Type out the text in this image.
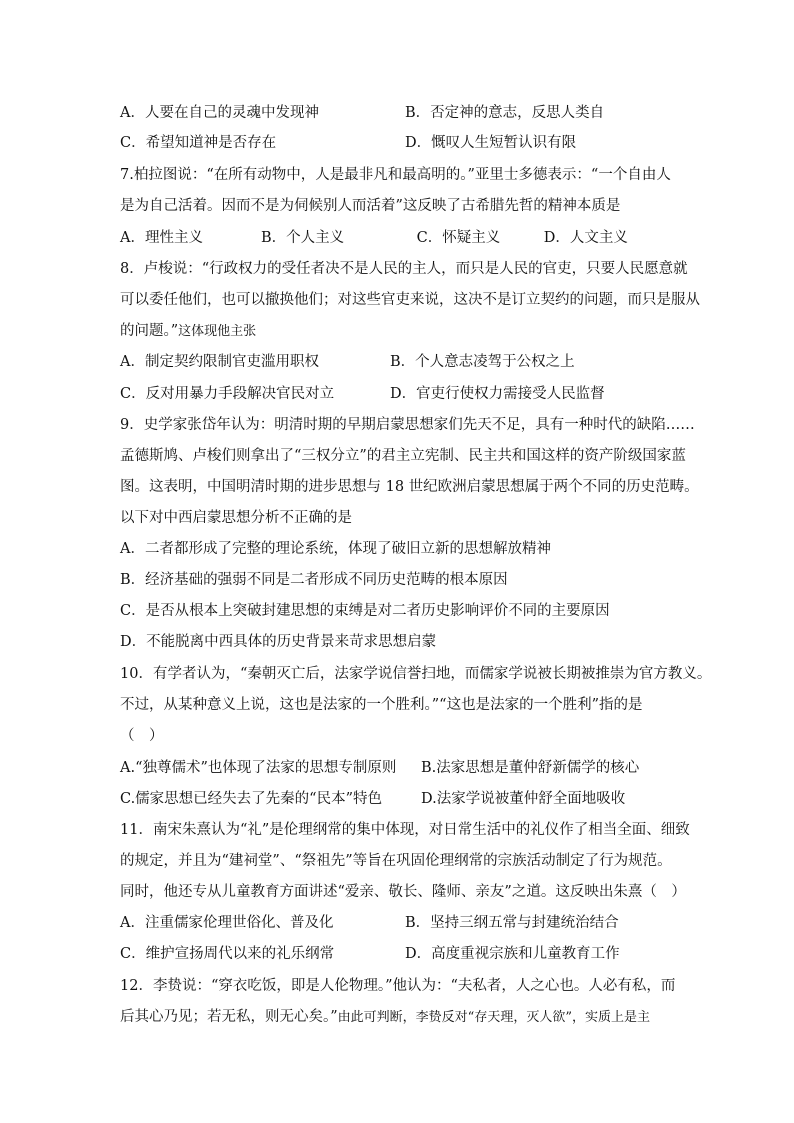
A．人要在自己的灵魂中发现神	B．否定神的意志，反思人类自
C．希望知道神是否存在	D．慨叹人生短暂认识有限
7.柏拉图说：“在所有动物中，人是最非凡和最高明的。”亚里士多德表示：“一个自由人
是为自己活着。因而不是为伺候别人而活着”这反映了古希腊先哲的精神本质是
A．理性主义　　　　B．个人主义　　　　　C．怀疑主义　　　D．人文主义
8．卢梭说：“行政权力的受任者决不是人民的主人，而只是人民的官吏，只要人民愿意就
可以委任他们，也可以撤换他们；对这些官吏来说，这决不是订立契约的问题，而只是服从
的问题。”这体现他主张
A．制定契约限制官吏滥用职权	B．个人意志凌驾于公权之上
C．反对用暴力手段解决官民对立	D．官吏行使权力需接受人民监督
9．史学家张岱年认为：明清时期的早期启蒙思想家们先天不足，具有一种时代的缺陷……
孟德斯鸠、卢梭们则拿出了“三权分立”的君主立宪制、民主共和国这样的资产阶级国家蓝
图。这表明，中国明清时期的进步思想与 18 世纪欧洲启蒙思想属于两个不同的历史范畴。
以下对中西启蒙思想分析不正确的是
A．二者都形成了完整的理论系统，体现了破旧立新的思想解放精神
B．经济基础的强弱不同是二者形成不同历史范畴的根本原因
C．是否从根本上突破封建思想的束缚是对二者历史影响评价不同的主要原因
D．不能脱离中西具体的历史背景来苛求思想启蒙
10．有学者认为，“秦朝灭亡后，法家学说信誉扫地，而儒家学说被长期被推崇为官方教义。
不过，从某种意义上说，这也是法家的一个胜利。”“这也是法家的一个胜利”指的是
（　）
A.“独尊儒术”也体现了法家的思想专制原则 B.法家思想是董仲舒新儒学的核心
C.儒家思想已经失去了先秦的“民本”特色	D.法家学说被董仲舒全面地吸收
11．南宋朱熹认为“礼”是伦理纲常的集中体现，对日常生活中的礼仪作了相当全面、细致
的规定，并且为“建祠堂”、“祭祖先”等旨在巩固伦理纲常的宗族活动制定了行为规范。
同时，他还专从儿童教育方面讲述“爱亲、敬长、隆师、亲友”之道。这反映出朱熹（　）
A．注重儒家伦理世俗化、普及化	B．坚持三纲五常与封建统治结合
C．维护宣扬周代以来的礼乐纲常	D．高度重视宗族和儿童教育工作
12．李贽说：“穿衣吃饭，即是人伦物理。”他认为：“夫私者，人之心也。人必有私，而
后其心乃见；若无私，则无心矣。”由此可判断，李贽反对“存天理，灭人欲”，实质上是主
